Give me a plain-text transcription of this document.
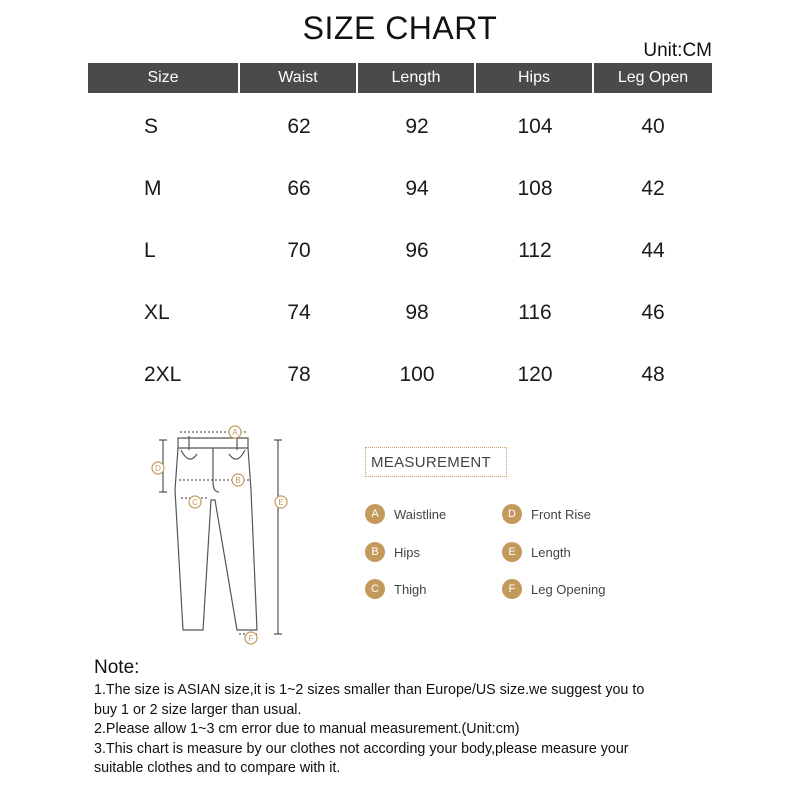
SIZE CHART
Unit:CM
Size	Waist	Length	Hips	Leg Open
S	62	92	104	40
M	66	94	108	42
L	70	96	112	44
XL	74	98	116	46
2XL	78	100	120	48
A
B
C
D
E
F
MEASUREMENT
A	Waistline
B	Hips
C	Thigh
D	Front Rise
E	Length
F	Leg Opening
Note:
1.The size is ASIAN size,it is 1~2 sizes smaller than Europe/US size.we suggest you to
buy 1 or 2 size larger than usual.
2.Please allow 1~3 cm error due to manual measurement.(Unit:cm)
3.This chart is measure by our clothes not according your body,please measure your
suitable clothes and to compare with it.
